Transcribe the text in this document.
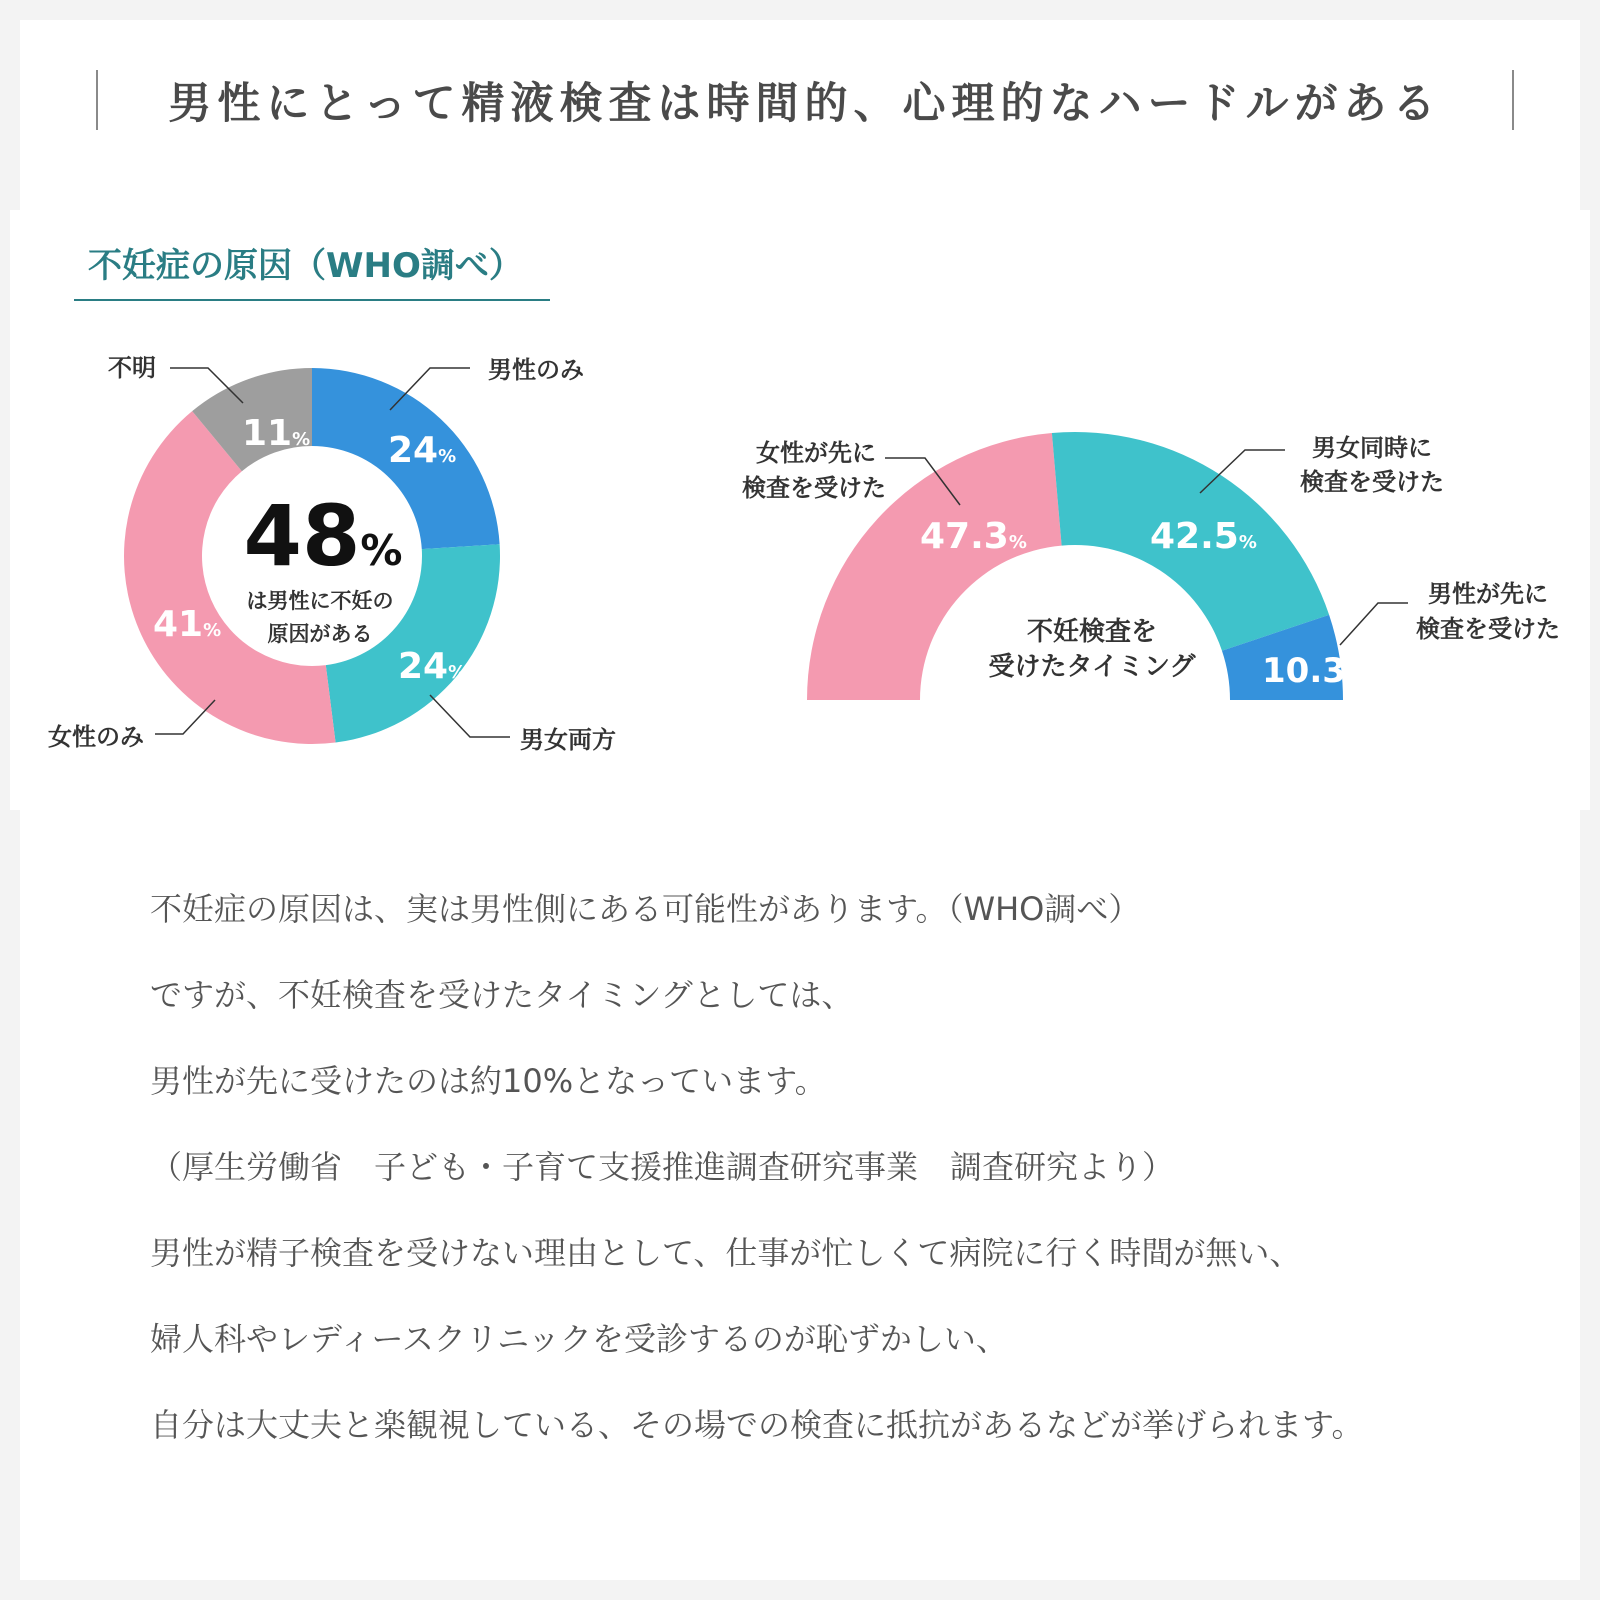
男性にとって精液検査は時間的、心理的なハードルがある
不妊症の原因（WHO調べ）
男性のみ
男女両方
女性のみ
不明
24%
24%
41%
11%
48%
は男性に不妊の
原因がある
女性が先に
検査を受けた
男女同時に
検査を受けた
男性が先に
検査を受けた
47.3%	42.5%
10.3%
不妊検査を
受けたタイミング

不妊症の原因は、実は男性側にある可能性があります。（WHO調べ）

ですが、不妊検査を受けたタイミングとしては、

男性が先に受けたのは約10%となっています。

（厚生労働省　子ども・子育て支援推進調査研究事業　調査研究より）

男性が精子検査を受けない理由として、仕事が忙しくて病院に行く時間が無い、

婦人科やレディースクリニックを受診するのが恥ずかしい、

自分は大丈夫と楽観視している、その場での検査に抵抗があるなどが挙げられます。
